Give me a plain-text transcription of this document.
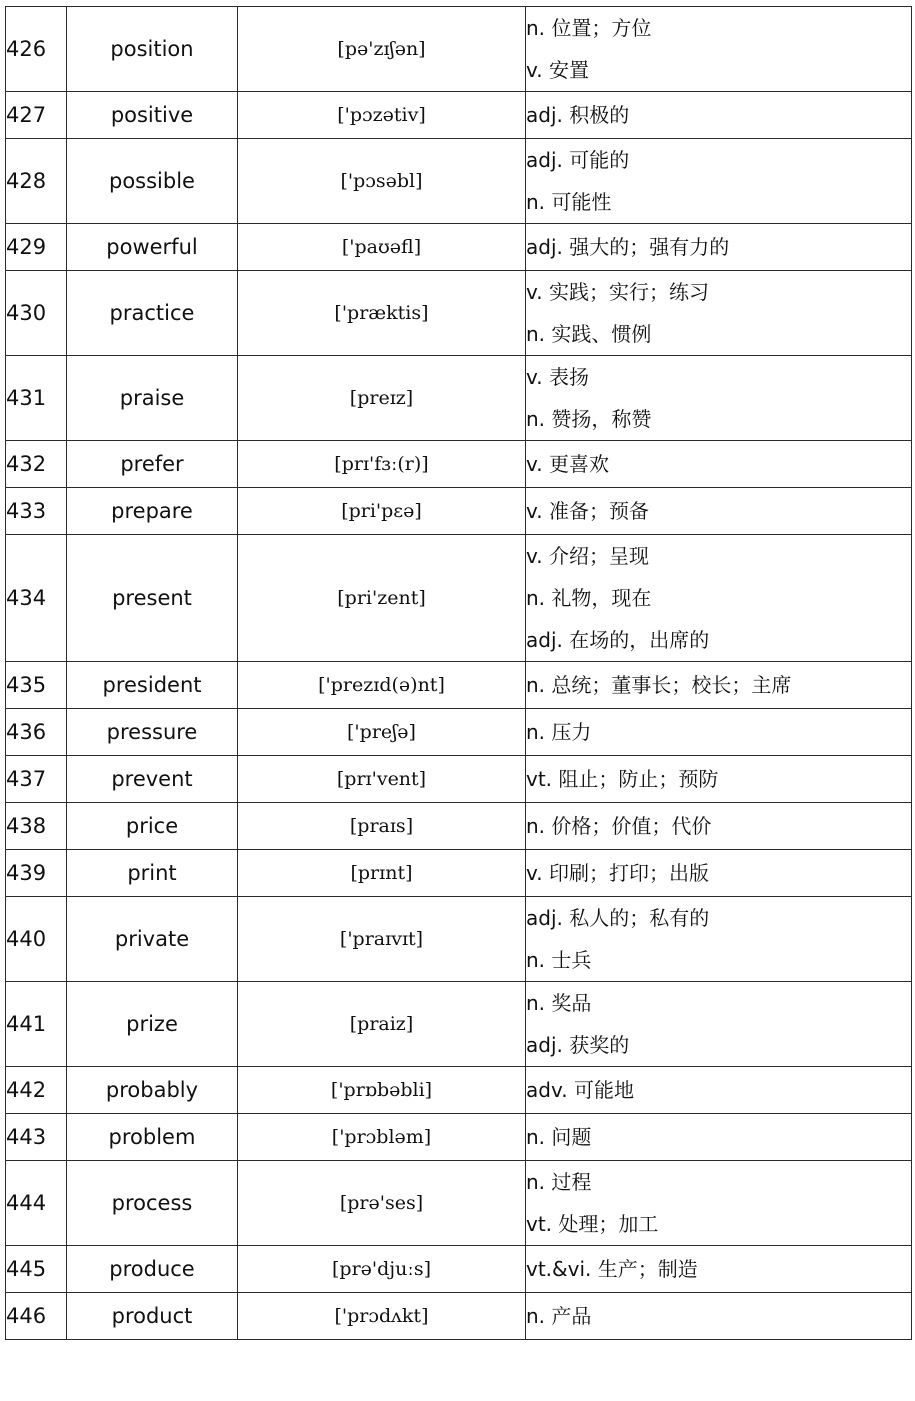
426	position	[pə'zɪʃən]	n. 位置；方位
v. 安置

427	positive	['pɔzətiv]	adj. 积极的

428	possible	['pɔsəbl]	adj. 可能的
n. 可能性

429	powerful	['paʊəfl]	adj. 强大的；强有力的

430	practice	['præktis]	v. 实践；实行；练习
n. 实践、惯例

431	praise	[preɪz]	v. 表扬
n. 赞扬，称赞

432	prefer	[prɪ'fɜː(r)]	v. 更喜欢

433	prepare	[pri'pɛə]	v. 准备；预备

434	present	[pri'zent]	v. 介绍；呈现
n. 礼物，现在
adj. 在场的，出席的

435	president	['prezɪd(ə)nt]	n. 总统；董事长；校长；主席

436	pressure	['preʃə]	n. 压力

437	prevent	[prɪ'vent]	vt. 阻止；防止；预防

438	price	[praɪs]	n. 价格；价值；代价

439	print	[prɪnt]	v. 印刷；打印；出版

440	private	['praɪvɪt]	adj. 私人的；私有的
n. 士兵

441	prize	[praiz]	n. 奖品
adj. 获奖的

442	probably	['prɒbəbli]	adv. 可能地

443	problem	['prɔbləm]	n. 问题

444	process	[prə'ses]	n. 过程
vt. 处理；加工

445	produce	[prə'djuːs]	vt.&vi. 生产；制造

446	product	['prɔdʌkt]	n. 产品
